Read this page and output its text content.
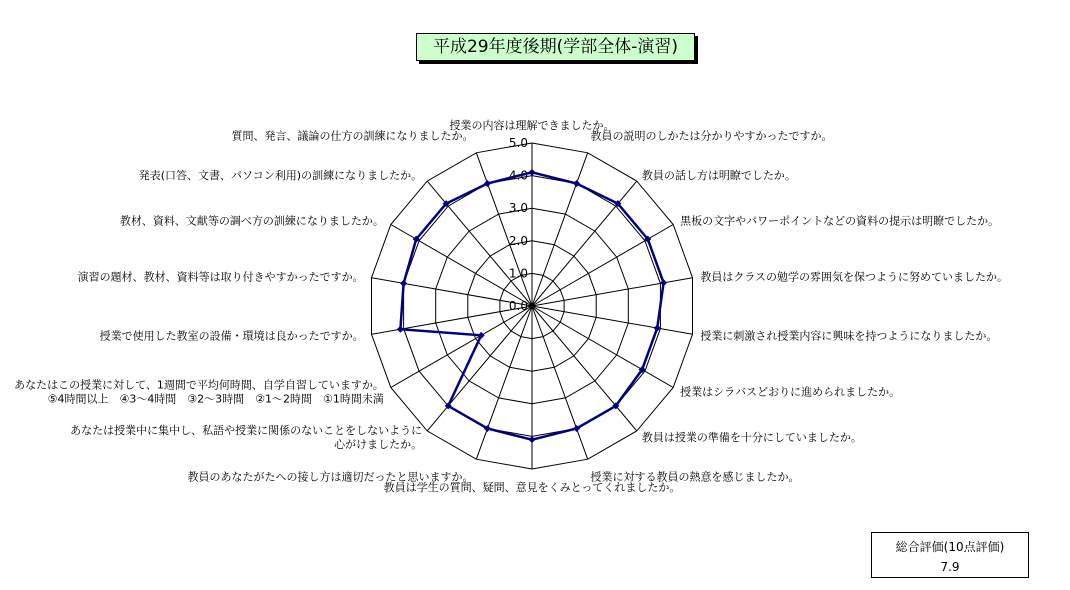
平成29年度後期(学部全体-演習)
0.0
1.0
2.0
3.0
4.0
5.0
授業の内容は理解できましたか。
教員の説明のしかたは分かりやすかったですか。
教員の話し方は明瞭でしたか。
黒板の文字やパワーポイントなどの資料の提示は明瞭でしたか。
教員はクラスの勉学の雰囲気を保つように努めていましたか。
授業に刺激され授業内容に興味を持つようになりましたか。
授業はシラバスどおりに進められましたか。
教員は授業の準備を十分にしていましたか。
授業に対する教員の熱意を感じましたか。
教員は学生の質問、疑問、意見をくみとってくれましたか。
教員のあなたがたへの接し方は適切だったと思いますか。
あなたは授業中に集中し、私語や授業に関係のないことをしないように
心がけましたか。
あなたはこの授業に対して、1週間で平均何時間、自学自習していますか。
⑤4時間以上　④3〜4時間　③2〜3時間　②1〜2時間　①1時間未満
授業で使用した教室の設備・環境は良かったですか。
演習の題材、教材、資料等は取り付きやすかったですか。
教材、資料、文献等の調べ方の訓練になりましたか。
発表(口答、文書、パソコン利用)の訓練になりましたか。
質問、発言、議論の仕方の訓練になりましたか。
総合評価(10点評価)
7.9
